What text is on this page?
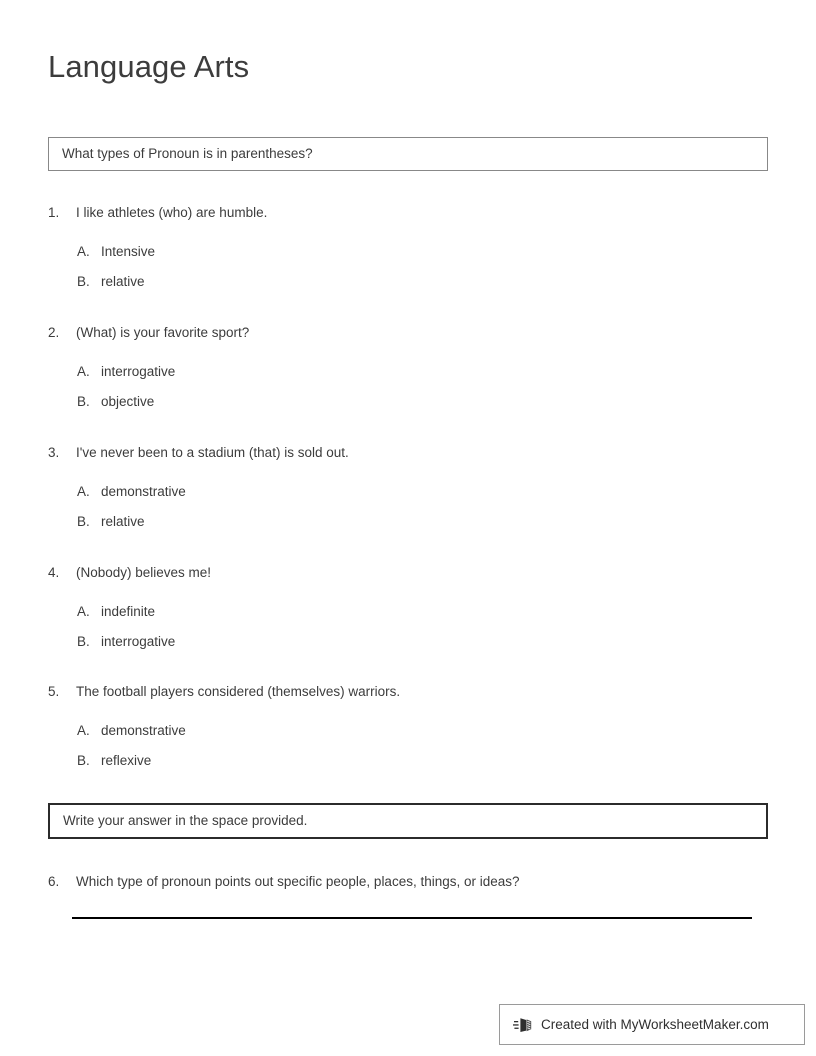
Language Arts
What types of Pronoun is in parentheses?
1.	I like athletes (who) are humble.
A. Intensive
B. relative
2.	(What) is your favorite sport?
A. interrogative
B. objective
3.	I've never been to a stadium (that) is sold out.
A. demonstrative
B. relative
4.	(Nobody) believes me!
A. indefinite
B. interrogative
5.	The football players considered (themselves) warriors.
A. demonstrative
B. reflexive
Write your answer in the space provided.
6.	Which type of pronoun points out specific people, places, things, or ideas?
Created with MyWorksheetMaker.com
